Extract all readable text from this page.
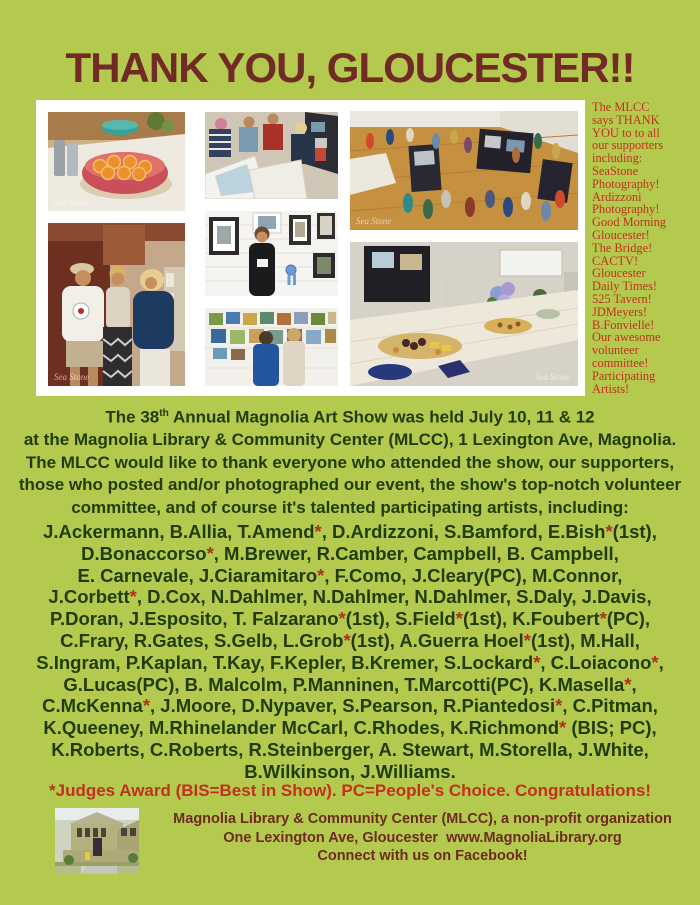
THANK YOU, GLOUCESTER!!
Sea Stone
Sea Stone
Sea Stone
Sea Stone
The MLCC
says THANK
YOU to to all
our supporters
including:
SeaStone
Photography!
Ardizzoni
Photography!
Good Morning
Gloucester!
The Bridge!
CACTV!
Gloucester
Daily Times!
525 Tavern!
JDMeyers!
B.Fonvielle!
Our awesome
volunteer
committee!
Participating
Artists!
The 38th Annual Magnolia Art Show was held July 10, 11 & 12
at the Magnolia Library & Community Center (MLCC), 1 Lexington Ave, Magnolia.
The MLCC would like to thank everyone who attended the show, our supporters,
those who posted and/or photographed our event, the show's top-notch volunteer
committee, and of course it's talented participating artists, including:
J.Ackermann, B.Allia, T.Amend*, D.Ardizzoni, S.Bamford, E.Bish*(1st),
D.Bonaccorso*, M.Brewer, R.Camber, Campbell, B. Campbell,
E. Carnevale, J.Ciaramitaro*, F.Como, J.Cleary(PC), M.Connor,
J.Corbett*, D.Cox, N.Dahlmer, N.Dahlmer, N.Dahlmer, S.Daly, J.Davis,
P.Doran, J.Esposito, T. Falzarano*(1st), S.Field*(1st), K.Foubert*(PC),
C.Frary, R.Gates, S.Gelb, L.Grob*(1st), A.Guerra Hoel*(1st), M.Hall,
S.Ingram, P.Kaplan, T.Kay, F.Kepler, B.Kremer, S.Lockard*, C.Loiacono*,
G.Lucas(PC), B. Malcolm, P.Manninen, T.Marcotti(PC), K.Masella*,
C.McKenna*, J.Moore, D.Nypaver, S.Pearson, R.Piantedosi*, C.Pitman,
K.Queeney, M.Rhinelander McCarl, C.Rhodes, K.Richmond* (BIS; PC),
K.Roberts, C.Roberts, R.Steinberger, A. Stewart, M.Storella, J.White,
B.Wilkinson, J.Williams.
*Judges Award (BIS=Best in Show). PC=People's Choice. Congratulations!
Magnolia Library & Community Center (MLCC), a non-profit organization
One Lexington Ave, Gloucester  www.MagnoliaLibrary.org
Connect with us on Facebook!
